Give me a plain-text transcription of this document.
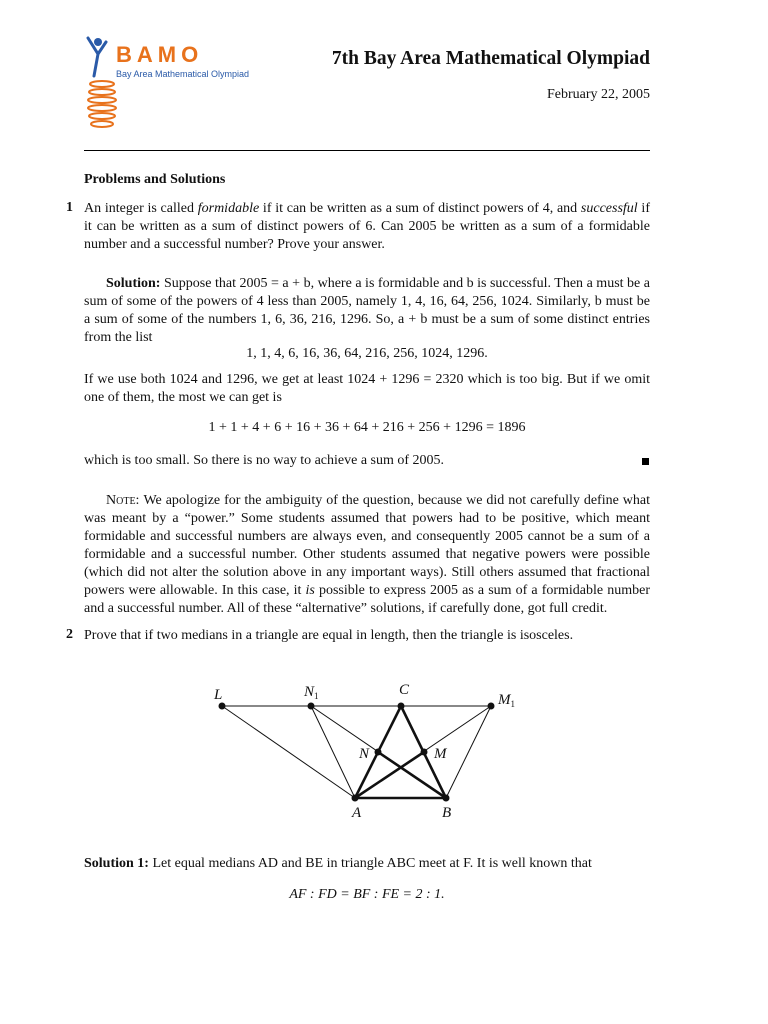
BAMO
Bay Area Mathematical Olympiad
7th Bay Area Mathematical Olympiad
February 22, 2005
Problems and Solutions
1 An integer is called formidable if it can be written as a sum of distinct powers of 4, and successful if it can be written as a sum of distinct powers of 6. Can 2005 be written as a sum of a formidable number and a successful number? Prove your answer.
Solution: Suppose that 2005 = a + b, where a is formidable and b is successful. Then a must be a sum of some of the powers of 4 less than 2005, namely 1, 4, 16, 64, 256, 1024. Similarly, b must be a sum of some of the numbers 1, 6, 36, 216, 1296. So, a + b must be a sum of some distinct entries from the list
1, 1, 4, 6, 16, 36, 64, 216, 256, 1024, 1296.
If we use both 1024 and 1296, we get at least 1024 + 1296 = 2320 which is too big. But if we omit one of them, the most we can get is
1 + 1 + 4 + 6 + 16 + 36 + 64 + 216 + 256 + 1296 = 1896
which is too small. So there is no way to achieve a sum of 2005.
Note: We apologize for the ambiguity of the question, because we did not carefully define what was meant by a “power.” Some students assumed that powers had to be positive, which meant formidable and successful numbers are always even, and consequently 2005 cannot be a sum of a formidable and a successful number. Other students assumed that negative powers were possible (which did not alter the solution above in any important ways). Still others assumed that fractional powers were allowable. In this case, it is possible to express 2005 as a sum of a formidable number and a successful number. All of these “alternative” solutions, if carefully done, got full credit.
2 Prove that if two medians in a triangle are equal in length, then the triangle is isosceles.
L	$N_1$	C
$M_1$
N	M
A	B
Solution 1: Let equal medians AD and BE in triangle ABC meet at F. It is well known that
AF : FD = BF : FE = 2 : 1.
